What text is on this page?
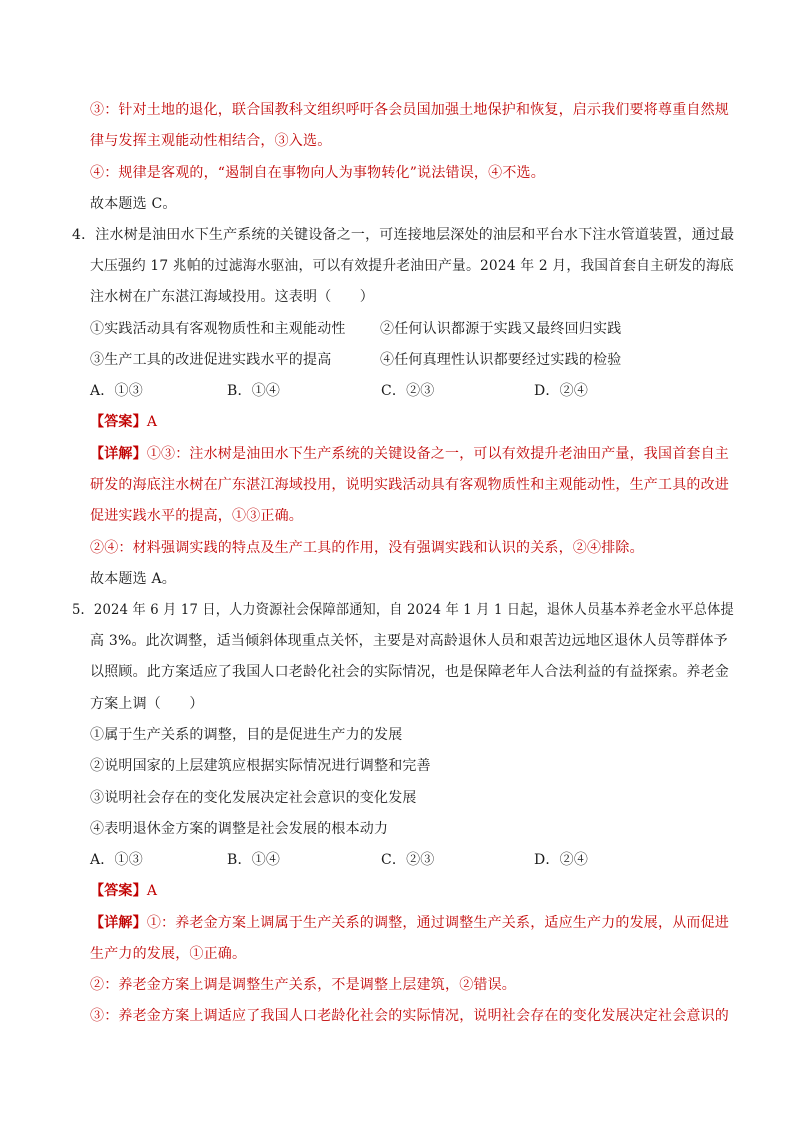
③：针对土地的退化，联合国教科文组织呼吁各会员国加强土地保护和恢复，启示我们要将尊重自然规
律与发挥主观能动性相结合，③入选。
④：规律是客观的，“遏制自在事物向人为事物转化”说法错误，④不选。
故本题选 C。
4．注水树是油田水下生产系统的关键设备之一，可连接地层深处的油层和平台水下注水管道装置，通过最
大压强约 17 兆帕的过滤海水驱油，可以有效提升老油田产量。2024 年 2 月，我国首套自主研发的海底
注水树在广东湛江海域投用。这表明（　　）
①实践活动具有客观物质性和主观能动性 ②任何认识都源于实践又最终回归实践
③生产工具的改进促进实践水平的提高	④任何真理性认识都要经过实践的检验
A．①③	B．①④	C．②③	D．②④
【答案】A
【详解】①③：注水树是油田水下生产系统的关键设备之一，可以有效提升老油田产量，我国首套自主
研发的海底注水树在广东湛江海域投用，说明实践活动具有客观物质性和主观能动性，生产工具的改进
促进实践水平的提高，①③正确。
②④：材料强调实践的特点及生产工具的作用，没有强调实践和认识的关系，②④排除。
故本题选 A。
5．2024 年 6 月 17 日，人力资源社会保障部通知，自 2024 年 1 月 1 日起，退休人员基本养老金水平总体提
高 3%。此次调整，适当倾斜体现重点关怀，主要是对高龄退休人员和艰苦边远地区退休人员等群体予
以照顾。此方案适应了我国人口老龄化社会的实际情况，也是保障老年人合法利益的有益探索。养老金
方案上调（　　）
①属于生产关系的调整，目的是促进生产力的发展
②说明国家的上层建筑应根据实际情况进行调整和完善
③说明社会存在的变化发展决定社会意识的变化发展
④表明退休金方案的调整是社会发展的根本动力
A．①③	B．①④	C．②③	D．②④
【答案】A
【详解】①：养老金方案上调属于生产关系的调整，通过调整生产关系，适应生产力的发展，从而促进
生产力的发展，①正确。
②：养老金方案上调是调整生产关系，不是调整上层建筑，②错误。
③：养老金方案上调适应了我国人口老龄化社会的实际情况，说明社会存在的变化发展决定社会意识的
